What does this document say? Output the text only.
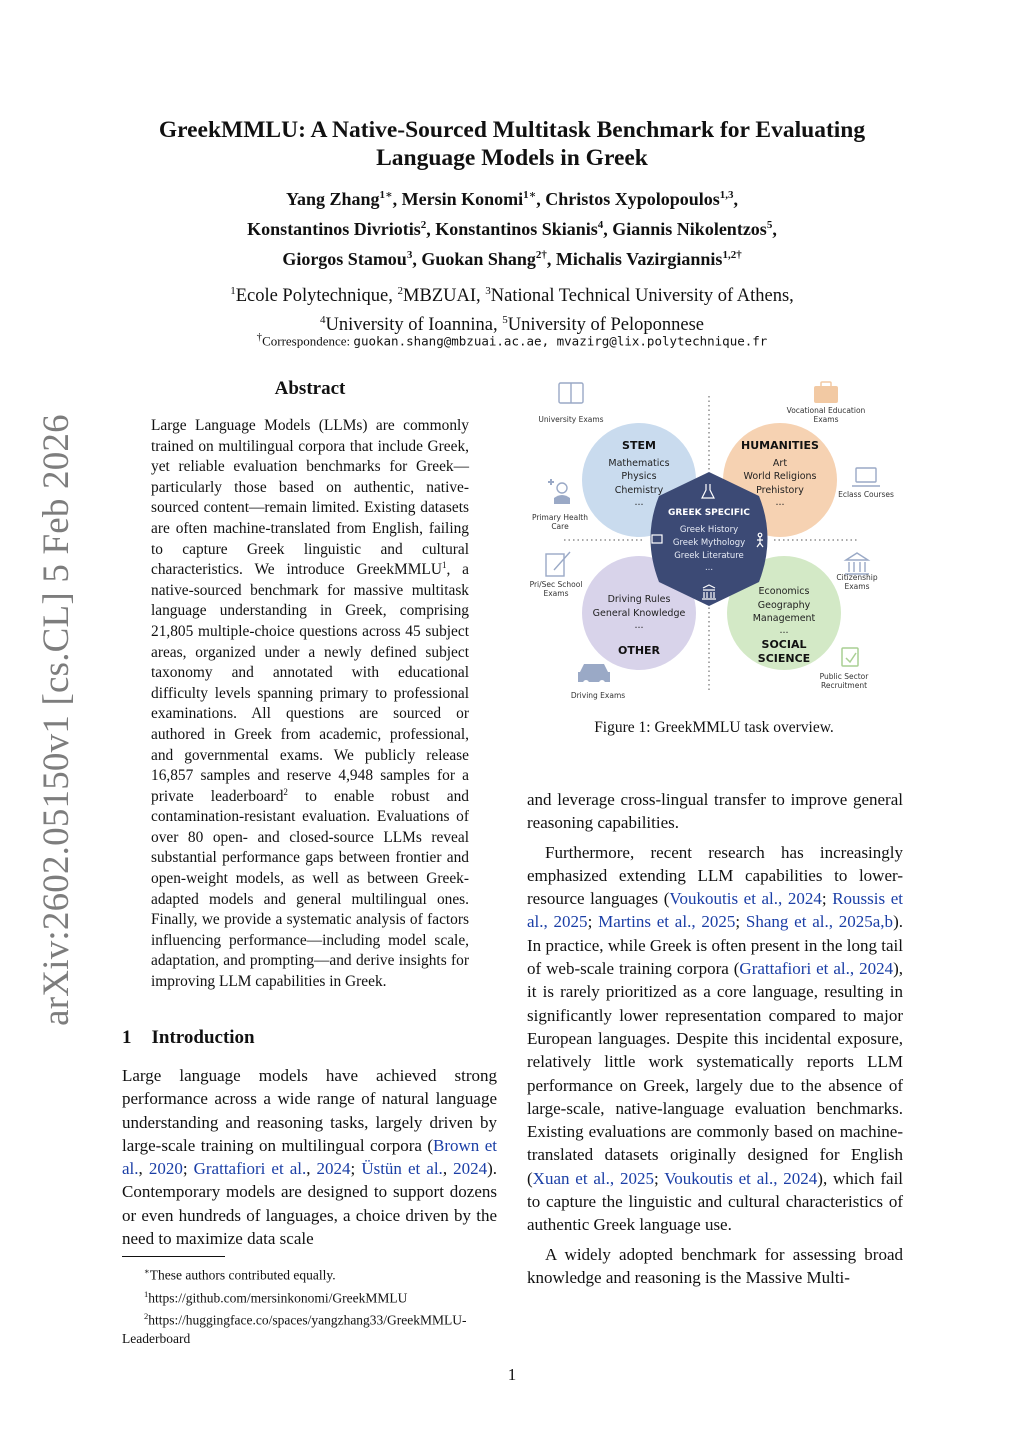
arXiv:2602.05150v1 [cs.CL] 5 Feb 2026
GreekMMLU: A Native-Sourced Multitask Benchmark for Evaluating
Language Models in Greek
Yang Zhang$^{1∗}$, Mersin Konomi$^{1∗}$, Christos Xypolopoulos$^{1,3}$,
Konstantinos Divriotis$^2$, Konstantinos Skianis$^4$, Giannis Nikolentzos$^5$,
Giorgos Stamou$^3$, Guokan Shang$^{2\dagger}$, Michalis Vazirgiannis$^{1,2\dagger}$
$^1$Ecole Polytechnique, $^2$MBZUAI, $^3$National Technical University of Athens,
$^4$University of Ioannina, $^5$University of Peloponnese
†Correspondence: guokan.shang@mbzuai.ac.ae, mvazirg@lix.polytechnique.fr
Abstract
Large Language Models (LLMs) are commonly trained on multilingual corpora that include Greek, yet reliable evaluation benchmarks for Greek—particularly those based on authentic, native-sourced content—remain limited. Existing datasets are often machine-translated from English, failing to capture Greek linguistic and cultural characteristics. We introduce GreekMMLU$^1$, a native-sourced benchmark for massive multitask language understanding in Greek, comprising 21,805 multiple-choice questions across 45 subject areas, organized under a newly defined subject taxonomy and annotated with educational difficulty levels spanning primary to professional examinations. All questions are sourced or authored in Greek from academic, professional, and governmental exams. We publicly release 16,857 samples and reserve 4,948 samples for a private leaderboard$^2$ to enable robust and contamination-resistant evaluation. Evaluations of over 80 open- and closed-source LLMs reveal substantial performance gaps between frontier and open-weight models, as well as between Greek-adapted models and general multilingual ones. Finally, we provide a systematic analysis of factors influencing performance—including model scale, adaptation, and prompting—and derive insights for improving LLM capabilities in Greek.
1 Introduction
Large language models have achieved strong performance across a wide range of natural language understanding and reasoning tasks, largely driven by large-scale training on multilingual corpora (Brown et al., 2020; Grattafiori et al., 2024; Üstün et al., 2024). Contemporary models are designed to support dozens or even hundreds of languages, a choice driven by the need to maximize data scale
∗These authors contributed equally.
$^1$https://github.com/mersinkonomi/GreekMMLU
$^2$https://huggingface.co/spaces/yangzhang33/GreekMMLU-Leaderboard
STEM
Mathematics
Physics
Chemistry
...
HUMANITIES
Art
World Religions
Prehistory
...
Driving Rules
General Knowledge
...
OTHER
Economics
Geography
Management
...
SOCIAL
SCIENCE
GREEK SPECIFIC
Greek History
Greek Mythology
Greek Literature
...
University Exams
Vocational Education
Exams
Primary Health
Care
Eclass Courses
Pri/Sec School
Exams
Citizenship
Exams
Driving Exams
Public Sector
Recruitment
Figure 1: GreekMMLU task overview.

and leverage cross-lingual transfer to improve general reasoning capabilities.

Furthermore, recent research has increasingly emphasized extending LLM capabilities to lower-resource languages (Voukoutis et al., 2024; Roussis et al., 2025; Martins et al., 2025; Shang et al., 2025a,b). In practice, while Greek is often present in the long tail of web-scale training corpora (Grattafiori et al., 2024), it is rarely prioritized as a core language, resulting in significantly lower representation compared to major European languages. Despite this incidental exposure, relatively little work systematically reports LLM performance on Greek, largely due to the absence of large-scale, native-language evaluation benchmarks. Existing evaluations are commonly based on machine-translated datasets originally designed for English (Xuan et al., 2025; Voukoutis et al., 2024), which fail to capture the linguistic and cultural characteristics of authentic Greek language use.

A widely adopted benchmark for assessing broad knowledge and reasoning is the Massive Multi-

1
